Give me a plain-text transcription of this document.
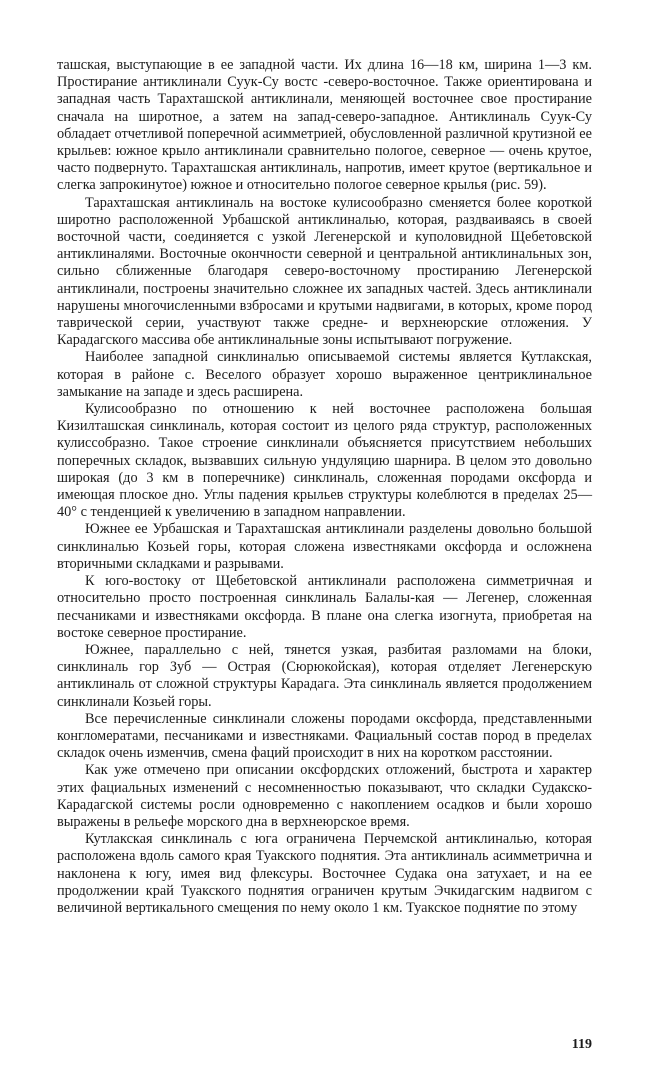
ташская, выступающие в ее западной части. Их длина 16—18 км, ширина 1—3 км. Простирание антиклинали Суук-Су востс -северо-восточное. Также ориентирована и западная часть Тарахташской антиклинали, меняющей восточнее свое простирание сначала на широтное, а затем на запад-северо-западное. Антиклиналь Суук-Су обладает отчетливой поперечной асимметрией, обусловленной различной крутизной ее крыльев: южное крыло антиклинали сравнительно пологое, северное — очень крутое, часто подвернуто. Тарахташская антиклиналь, напротив, имеет крутое (вертикальное и слегка запрокинутое) южное и относительно пологое северное крылья (рис. 59).

Тарахташская антиклиналь на востоке кулисообразно сменяется более короткой широтно расположенной Урбашской антиклиналью, которая, раздваиваясь в своей восточной части, соединяется с узкой Легенерской и куполовидной Щебетовской антиклиналями. Восточные окончности северной и центральной антиклинальных зон, сильно сближенные благодаря северо-восточному простиранию Легенерской антиклинали, построены значительно сложнее их западных частей. Здесь антиклинали нарушены многочисленными взбросами и крутыми надвигами, в которых, кроме пород таврической серии, участвуют также средне- и верхнеюрские отложения. У Карадагского массива обе антиклинальные зоны испытывают погружение.

Наиболее западной синклиналью описываемой системы является Кутлакская, которая в районе с. Веселого образует хорошо выраженное центриклинальное замыкание на западе и здесь расширена.

Кулисообразно по отношению к ней восточнее расположена большая Кизилташская синклиналь, которая состоит из целого ряда структур, расположенных кулиссобразно. Такое строение синклинали объясняется присутствием небольших поперечных складок, вызвавших сильную ундуляцию шарнира. В целом это довольно широкая (до 3 км в поперечнике) синклиналь, сложенная породами оксфорда и имеющая плоское дно. Углы падения крыльев структуры колеблются в пределах 25—40° с тенденцией к увеличению в западном направлении.

Южнее ее Урбашская и Тарахташская антиклинали разделены довольно большой синклиналью Козьей горы, которая сложена известняками оксфорда и осложнена вторичными складками и разрывами.

К юго-востоку от Щебетовской антиклинали расположена симметричная и относительно просто построенная синклиналь Балалы-кая — Легенер, сложенная песчаниками и известняками оксфорда. В плане она слегка изогнута, приобретая на востоке северное простирание.

Южнее, параллельно с ней, тянется узкая, разбитая разломами на блоки, синклиналь гор Зуб — Острая (Сюрюкойская), которая отделяет Легенерскую антиклиналь от сложной структуры Карадага. Эта синклиналь является продолжением синклинали Козьей горы.

Все перечисленные синклинали сложены породами оксфорда, представленными конгломератами, песчаниками и известняками. Фациальный состав пород в пределах складок очень изменчив, смена фаций происходит в них на коротком расстоянии.

Как уже отмечено при описании оксфордских отложений, быстрота и характер этих фациальных изменений с несомненностью показывают, что складки Судакско-Карадагской системы росли одновременно с накоплением осадков и были хорошо выражены в рельефе морского дна в верхнеюрское время.

Кутлакская синклиналь с юга ограничена Перчемской антиклиналью, которая расположена вдоль самого края Туакского поднятия. Эта антиклиналь асимметрична и наклонена к югу, имея вид флексуры. Восточнее Судака она затухает, и на ее продолжении край Туакского поднятия ограничен крутым Эчкидагским надвигом с величиной вертикального смещения по нему около 1 км. Туакское поднятие по этому

119
